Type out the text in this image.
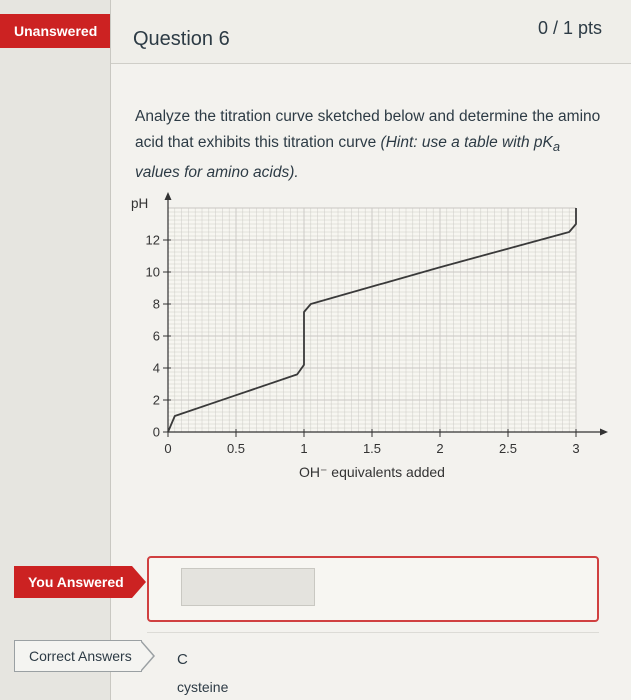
Unanswered Question 6	0 / 1 pts
Analyze the titration curve sketched below and determine the amino acid that exhibits this titration curve (Hint: use a table with $pK_a$ values for amino acids).
0
2
4
6
8
10
12
0	0.5	1	1.5	2	2.5	3
pH
OH⁻ equivalents added
C
cysteine
You Answered
Correct Answers
